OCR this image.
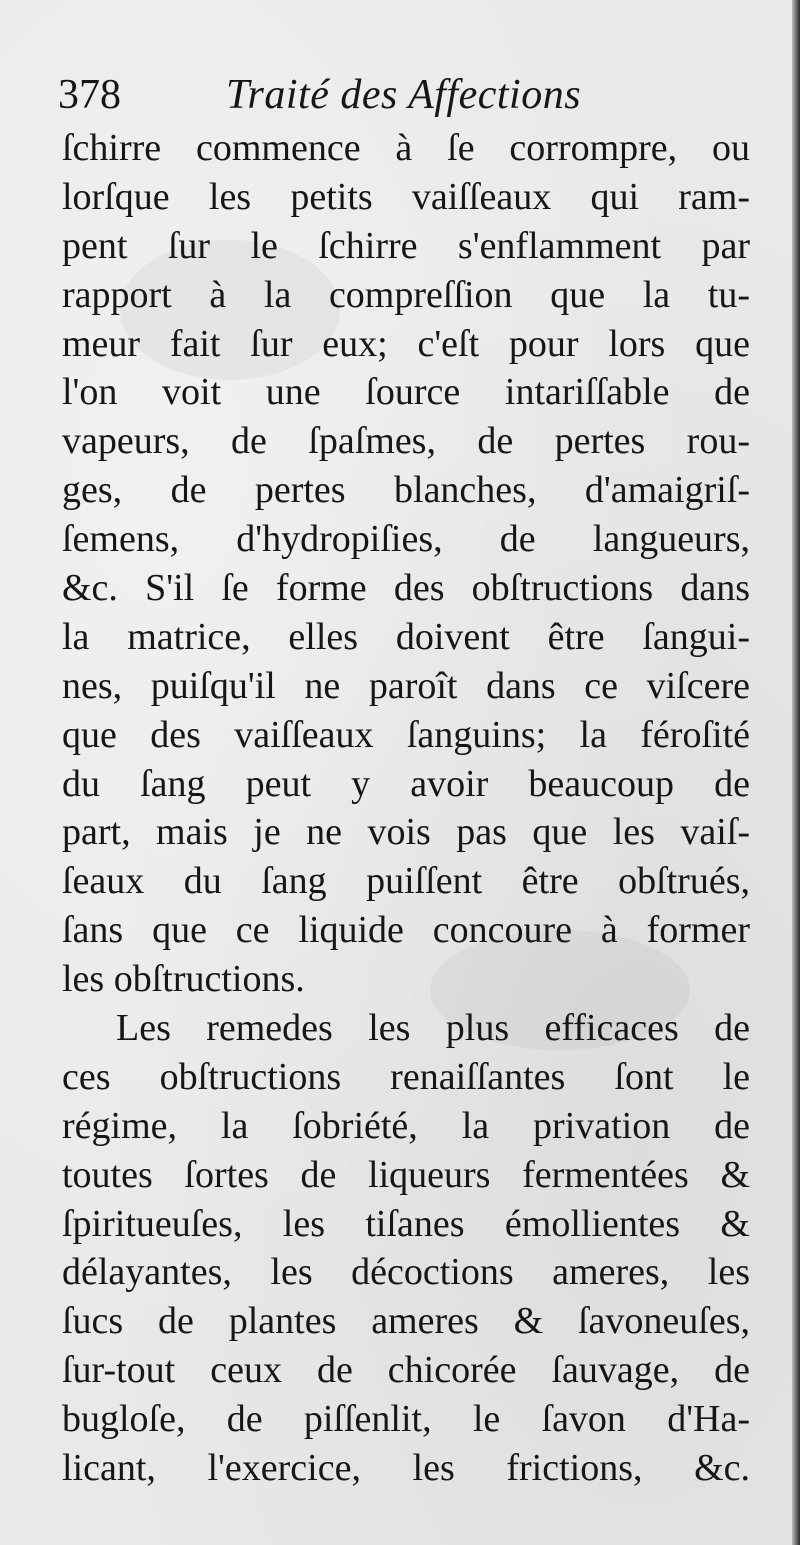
378	Traité des Affections
ſchirre commence à ſe corrompre, ou
lorſque les petits vaiſſeaux qui ram-
pent ſur le ſchirre s'enflamment par
rapport à la compreſſion que la tu-
meur fait ſur eux; c'eſt pour lors que
l'on voit une ſource intariſſable de
vapeurs, de ſpaſmes, de pertes rou-
ges, de pertes blanches, d'amaigriſ-
ſemens, d'hydropiſies, de langueurs,
&c. S'il ſe forme des obſtructions dans
la matrice, elles doivent être ſangui-
nes, puiſqu'il ne paroît dans ce viſcere
que des vaiſſeaux ſanguins; la féroſité
du ſang peut y avoir beaucoup de
part, mais je ne vois pas que les vaiſ-
ſeaux du ſang puiſſent être obſtrués,
ſans que ce liquide concoure à former
les obſtructions.
Les remedes les plus efficaces de
ces obſtructions renaiſſantes ſont le
régime, la ſobriété, la privation de
toutes ſortes de liqueurs fermentées &
ſpiritueuſes, les tiſanes émollientes &
délayantes, les décoctions ameres, les
ſucs de plantes ameres & ſavoneuſes,
ſur-tout ceux de chicorée ſauvage, de
bugloſe, de piſſenlit, le ſavon d'Ha-
licant, l'exercice, les frictions, &c.
